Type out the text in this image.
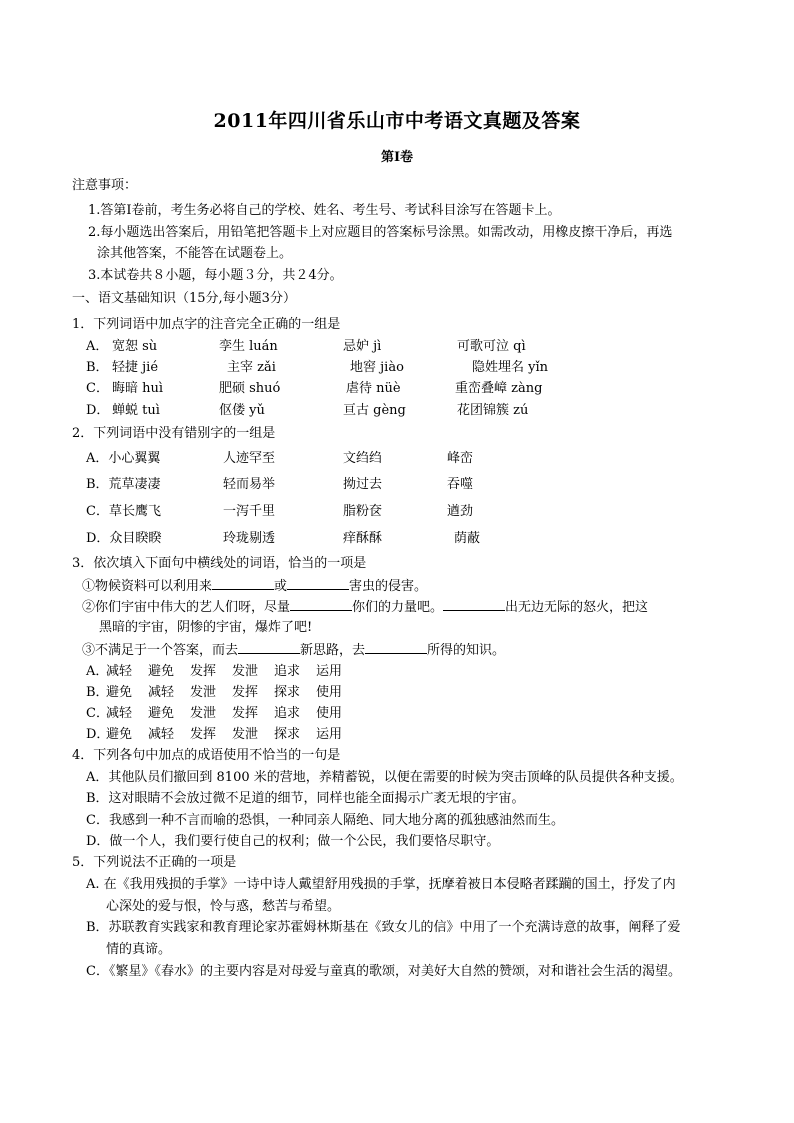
2011年四川省乐山市中考语文真题及答案
第Ⅰ卷
注意事项：
1.答第Ⅰ卷前，考生务必将自己的学校、姓名、考生号、考试科目涂写在答题卡上。
2.每小题选出答案后，用铅笔把答题卡上对应题目的答案标号涂黑。如需改动，用橡皮擦干净后，再选
涂其他答案，不能答在试题卷上。
3.本试卷共８小题，每小题３分，共２4分。
一、语文基础知识（15分,每小题3分）
1．下列词语中加点字的注音完全正确的一组是
A． 宽恕 sù	孪生 luán	忌妒 jì	可歌可泣 qì
B． 轻捷 jié	主宰 zǎi	地窖 jiào	隐姓埋名 yǐn
C． 晦暗 huì	肥硕 shuó	虐待 nüè	重峦叠嶂 zàng
D． 蝉蜕 tuì	伛偻 yǔ	亘古 gèng	花团锦簇 zú
2．下列词语中没有错别字的一组是
A．小心翼翼	人迹罕至	文绉绉	峰峦
B．荒草凄凄	轻而易举	拗过去	吞噬
C．草长鹰飞	一泻千里	脂粉奁	遒劲
D．众目睽睽	玲珑剔透	痒酥酥	荫蔽
3．依次填入下面句中横线处的词语，恰当的一项是
①物候资料可以利用来	或	害虫的侵害。
②你们宇宙中伟大的艺人们呀，尽量	你们的力量吧。	出无边无际的怒火，把这
黑暗的宇宙，阴惨的宇宙，爆炸了吧!
③不满足于一个答案，而去	新思路，去	所得的知识。
A．
减轻 避免 发挥 发泄 追求 运用
B．
避免 减轻 发泄 发挥 探求 使用
C．
减轻 避免 发泄 发挥 追求 使用
D．
避免 减轻 发挥 发泄 探求 运用
4．下列各句中加点的成语使用不恰当的一句是
A．其他队员们撤回到 8100 米的营地，养精蓄锐，以便在需要的时候为突击顶峰的队员提供各种支援。
B．这对眼睛不会放过微不足道的细节，同样也能全面揭示广袤无垠的宇宙。
C．我感到一种不言而喻的恐惧，一种同亲人隔绝、同大地分离的孤独感油然而生。
D．做一个人，我们要行使自己的权利；做一个公民，我们要恪尽职守。
5．下列说法不正确的一项是
A. 在《我用残损的手掌》一诗中诗人戴望舒用残损的手掌，抚摩着被日本侵略者蹂躏的国土，抒发了内
心深处的爱与恨，怜与惑，愁苦与希望。
B．苏联教育实践家和教育理论家苏霍姆林斯基在《致女儿的信》中用了一个充满诗意的故事，阐释了爱
情的真谛。
C．《繁星》《春水》的主要内容是对母爱与童真的歌颂，对美好大自然的赞颂，对和谐社会生活的渴望。
